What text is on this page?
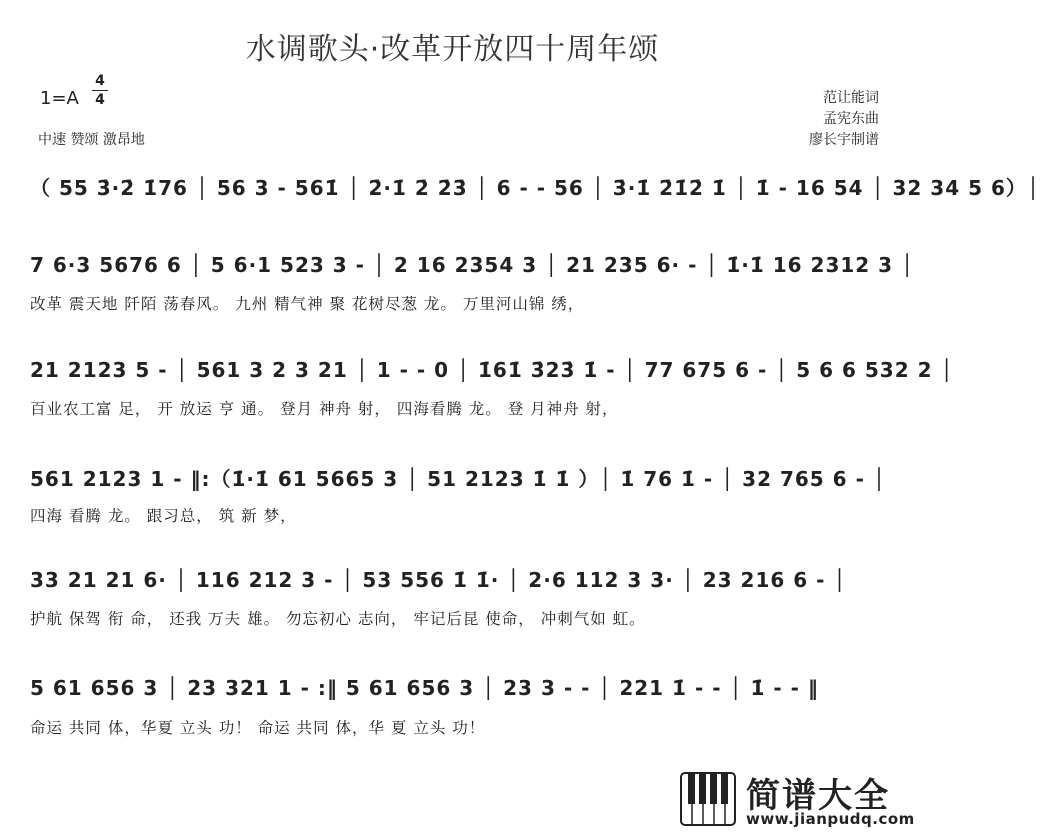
水调歌头·改革开放四十周年颂
1=A
4
4
中速 赞颂 激昂地
范让能词
孟宪东曲
廖长宇制谱
（ 55 3̇·2̇ 1̇76 │ 56 3 - 561̇ │ 2̇·1̇ 2̇ 2̇3̇ │ 6 - - 56 │ 3̇·1̇ 2̇1̇2̇ 1̇ │ 1̇ - 16 54 │ 32 34 5 6）│
7 6·3 5676 6 │ 5 6·1 523 3 - │ 2 16 2354 3 │ 21 235 6· - │ 1̇·1̇ 16 2312 3 │
改革 震天地 阡陌 荡春风。 九州 精气神 聚 花树尽葱 龙。 万里河山锦 绣，
21 2123 5 - │ 561 3 2 3 21 │ 1 - - 0 │ 1̇61̇ 3̇23̇ 1̇ - │ 77 675 6 - │ 5 6 6 532 2 │
百业农工富 足， 开 放运 亨 通。 登月 神舟 射， 四海看腾 龙。 登 月神舟 射，
561 2123 1 - ‖:（1̇·1̇ 61 5665 3 │ 51 2123 1̇ 1̇ ）│ 1̇ 76 1̇ - │ 32 765 6 - │
四海 看腾 龙。 跟习总， 筑 新 梦，
33 21 21 6· │ 116 212 3 - │ 53 556 1̇ 1̇· │ 2·6 112 3 3· │ 23 216 6 - │
护航 保驾 衔 命， 还我 万夫 雄。 勿忘初心 志向， 牢记后昆 使命， 冲刺气如 虹。
5 61 656 3 │ 23 321 1 - :‖ 5 61 656 3 │ 23 3 - - │ 221 1̇ - - │ 1̇ - - ‖
命运 共同 体，华夏 立头 功！ 命运 共同 体，华 夏 立头 功！
简谱大全
www.jianpudq.com
